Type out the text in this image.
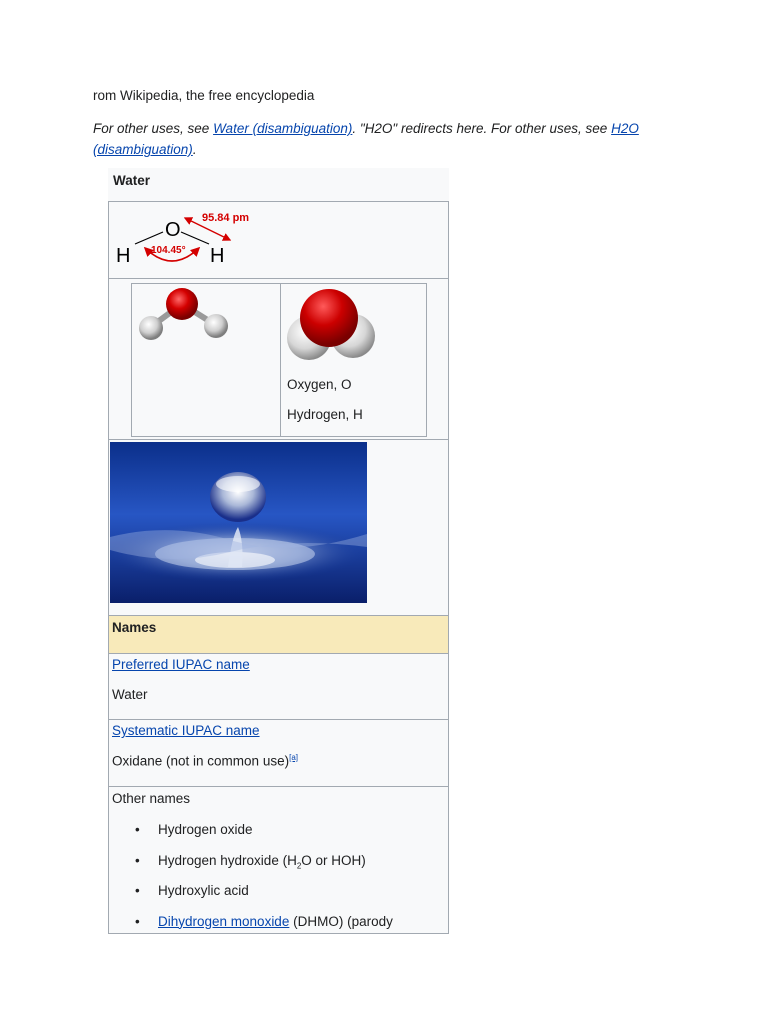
rom Wikipedia, the free encyclopedia
For other uses, see Water (disambiguation). "H2O" redirects here. For other uses, see H2O (disambiguation).
Water
O
H	H
104.45°
95.84 pm
Oxygen, O
Hydrogen, H
Names
Preferred IUPAC name
Water
Systematic IUPAC name
Oxidane (not in common use)[a]
Other names
• Hydrogen oxide
• Hydrogen hydroxide ($H_2O$ or HOH)
• Hydroxylic acid
• Dihydrogen monoxide (DHMO) (parody
